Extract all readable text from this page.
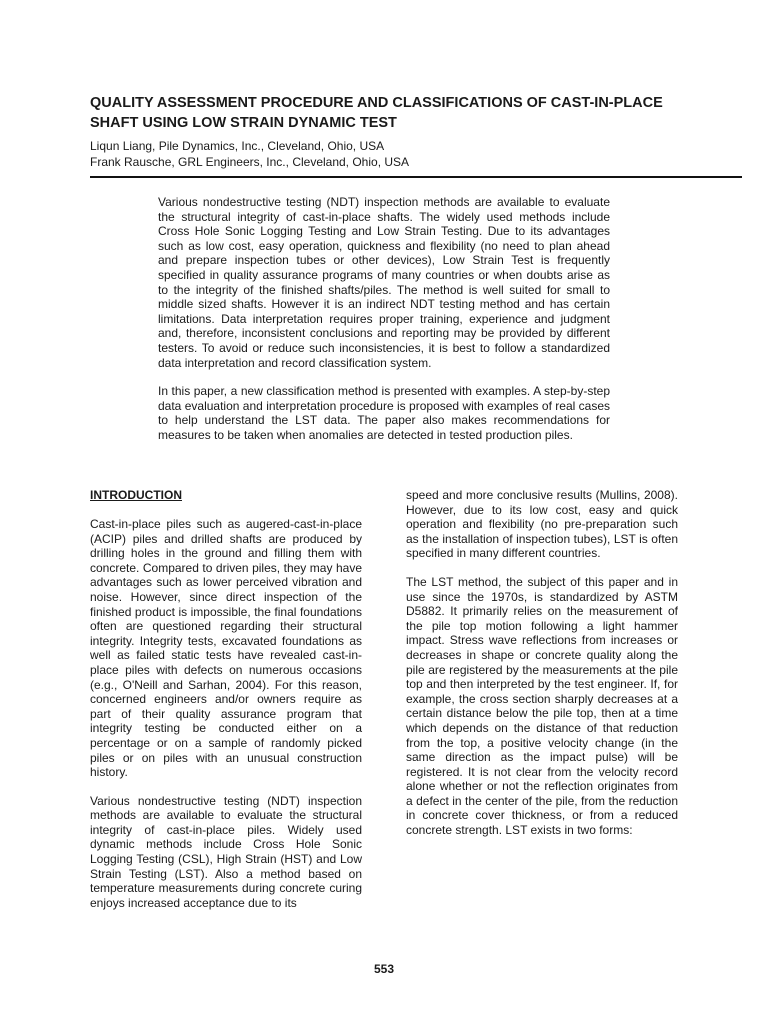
QUALITY ASSESSMENT PROCEDURE AND CLASSIFICATIONS OF CAST-IN-PLACE SHAFT USING LOW STRAIN DYNAMIC TEST
Liqun Liang, Pile Dynamics, Inc., Cleveland, Ohio, USA
Frank Rausche, GRL Engineers, Inc., Cleveland, Ohio, USA

Various nondestructive testing (NDT) inspection methods are available to evaluate the structural integrity of cast-in-place shafts. The widely used methods include Cross Hole Sonic Logging Testing and Low Strain Testing. Due to its advantages such as low cost, easy operation, quickness and flexibility (no need to plan ahead and prepare inspection tubes or other devices), Low Strain Test is frequently specified in quality assurance programs of many countries or when doubts arise as to the integrity of the finished shafts/piles. The method is well suited for small to middle sized shafts. However it is an indirect NDT testing method and has certain limitations. Data interpretation requires proper training, experience and judgment and, therefore, inconsistent conclusions and reporting may be provided by different testers. To avoid or reduce such inconsistencies, it is best to follow a standardized data interpretation and record classification system.

In this paper, a new classification method is presented with examples. A step-by-step data evaluation and interpretation procedure is proposed with examples of real cases to help understand the LST data. The paper also makes recommendations for measures to be taken when anomalies are detected in tested production piles.

INTRODUCTION

Cast-in-place piles such as augered-cast-in-place (ACIP) piles and drilled shafts are produced by drilling holes in the ground and filling them with concrete. Compared to driven piles, they may have advantages such as lower perceived vibration and noise. However, since direct inspection of the finished product is impossible, the final foundations often are questioned regarding their structural integrity. Integrity tests, excavated foundations as well as failed static tests have revealed cast-in-place piles with defects on numerous occasions (e.g., O'Neill and Sarhan, 2004). For this reason, concerned engineers and/or owners require as part of their quality assurance program that integrity testing be conducted either on a percentage or on a sample of randomly picked piles or on piles with an unusual construction history.

Various nondestructive testing (NDT) inspection methods are available to evaluate the structural integrity of cast-in-place piles. Widely used dynamic methods include Cross Hole Sonic Logging Testing (CSL), High Strain (HST) and Low Strain Testing (LST). Also a method based on temperature measurements during concrete curing enjoys increased acceptance due to its

speed and more conclusive results (Mullins, 2008). However, due to its low cost, easy and quick operation and flexibility (no pre-preparation such as the installation of inspection tubes), LST is often specified in many different countries.

The LST method, the subject of this paper and in use since the 1970s, is standardized by ASTM D5882. It primarily relies on the measurement of the pile top motion following a light hammer impact. Stress wave reflections from increases or decreases in shape or concrete quality along the pile are registered by the measurements at the pile top and then interpreted by the test engineer. If, for example, the cross section sharply decreases at a certain distance below the pile top, then at a time which depends on the distance of that reduction from the top, a positive velocity change (in the same direction as the impact pulse) will be registered. It is not clear from the velocity record alone whether or not the reflection originates from a defect in the center of the pile, from the reduction in concrete cover thickness, or from a reduced concrete strength. LST exists in two forms:

553
